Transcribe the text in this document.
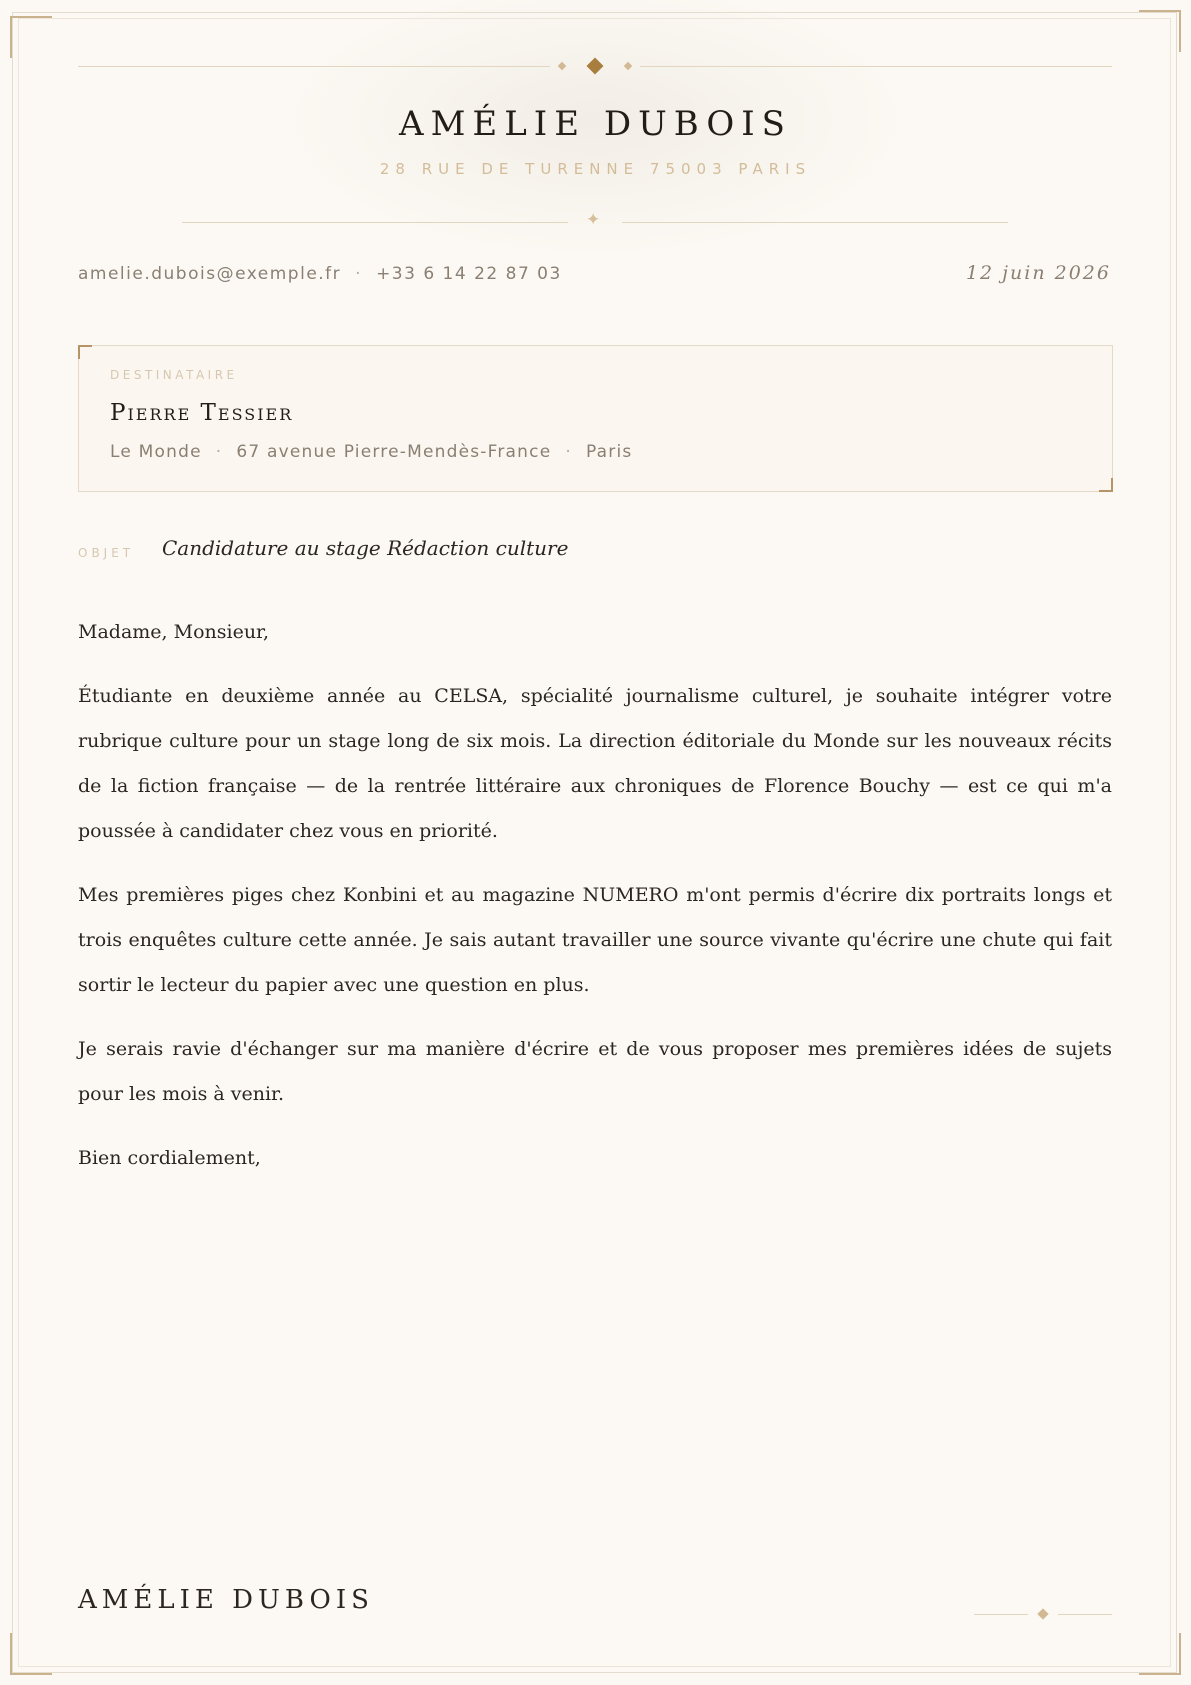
AMÉLIE DUBOIS
28 RUE DE TURENNE 75003 PARIS
✦
amelie.dubois@exemple.fr · +33 6 14 22 87 03	12 juin 2026
DESTINATAIRE
Pierre Tessier
Le Monde · 67 avenue Pierre-Mendès-France · Paris
OBJET Candidature au stage Rédaction culture

Madame, Monsieur,

Étudiante en deuxième année au CELSA, spécialité journalisme culturel, je souhaite intégrer votre rubrique culture pour un stage long de six mois. La direction éditoriale du Monde sur les nouveaux récits de la fiction française — de la rentrée littéraire aux chroniques de Florence Bouchy — est ce qui m'a poussée à candidater chez vous en priorité.

Mes premières piges chez Konbini et au magazine NUMERO m'ont permis d'écrire dix portraits longs et trois enquêtes culture cette année. Je sais autant travailler une source vivante qu'écrire une chute qui fait sortir le lecteur du papier avec une question en plus.

Je serais ravie d'échanger sur ma manière d'écrire et de vous proposer mes premières idées de sujets pour les mois à venir.

Bien cordialement,

AMÉLIE DUBOIS
